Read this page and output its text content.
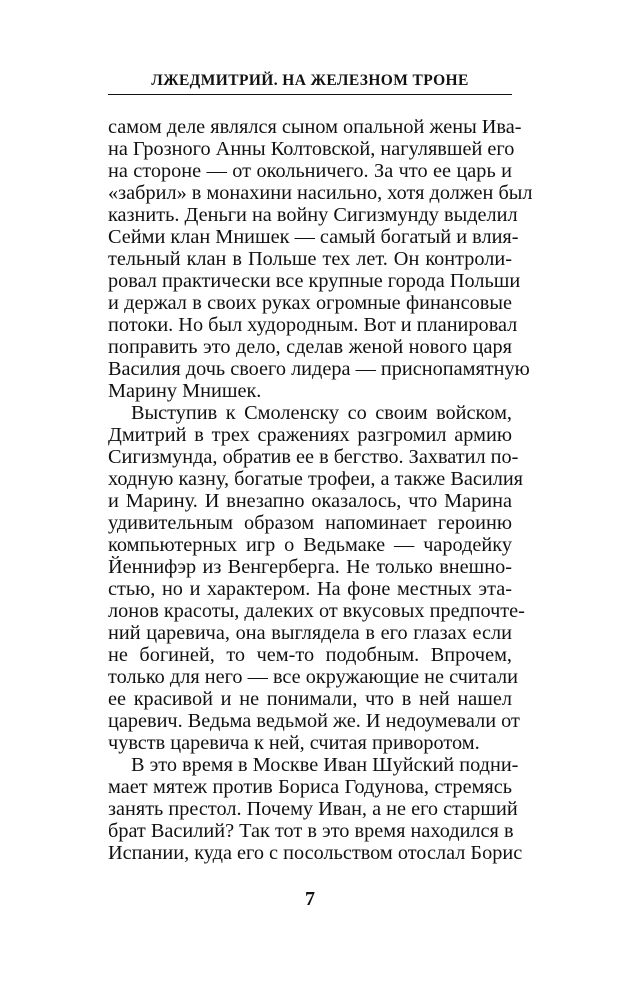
ЛЖЕДМИТРИЙ. НА ЖЕЛЕЗНОМ ТРОНЕ
самом деле являлся сыном опальной жены Ива-
на Грозного Анны Колтовской, нагулявшей его
на стороне — от окольничего. За что ее царь и
«забрил» в монахини насильно, хотя должен был
казнить. Деньги на войну Сигизмунду выделил
Сейми клан Мнишек — самый богатый и влия-
тельный клан в Польше тех лет. Он контроли-
ровал практически все крупные города Польши
и держал в своих руках огромные финансовые
потоки. Но был худородным. Вот и планировал
поправить это дело, сделав женой нового царя
Василия дочь своего лидера — приснопамятную
Марину Мнишек.
Выступив к Смоленску со своим войском,
Дмитрий в трех сражениях разгромил армию
Сигизмунда, обратив ее в бегство. Захватил по-
ходную казну, богатые трофеи, а также Василия
и Марину. И внезапно оказалось, что Марина
удивительным образом напоминает героиню
компьютерных игр о Ведьмаке — чародейку
Йеннифэр из Венгерберга. Не только внешно-
стью, но и характером. На фоне местных эта-
лонов красоты, далеких от вкусовых предпочте-
ний царевича, она выглядела в его глазах если
не богиней, то чем-то подобным. Впрочем,
только для него — все окружающие не считали
ее красивой и не понимали, что в ней нашел
царевич. Ведьма ведьмой же. И недоумевали от
чувств царевича к ней, считая приворотом.
В это время в Москве Иван Шуйский подни-
мает мятеж против Бориса Годунова, стремясь
занять престол. Почему Иван, а не его старший
брат Василий? Так тот в это время находился в
Испании, куда его с посольством отослал Борис
7
